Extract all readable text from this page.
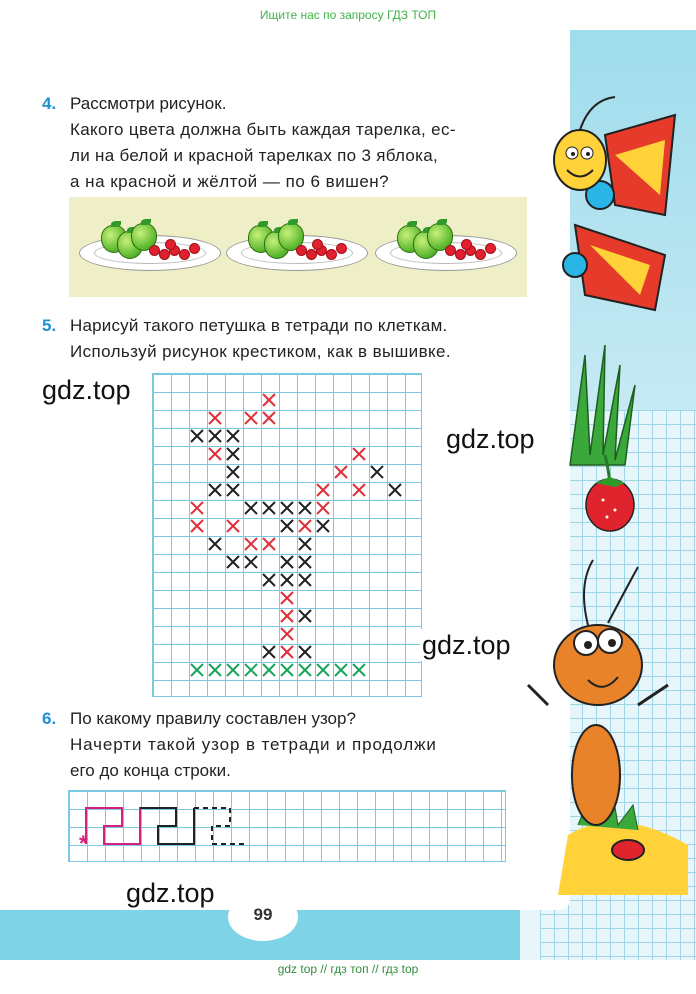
Ищите нас по запросу ГДЗ ТОП
4. Рассмотри рисунок.
Какого цвета должна быть каждая тарелка, ес-
ли на белой и красной тарелках по 3 яблока,
а на красной и жёлтой — по 6 вишен?
5. Нарисуй такого петушка в тетради по клеткам.
Используй рисунок крестиком, как в вышивке.
6. По какому правилу составлен узор?
Начерти такой узор в тетради и продолжи
его до конца строки.
*
gdz.top
gdz.top
gdz.top
gdz.top
99
gdz top // гдз топ // гдз top
